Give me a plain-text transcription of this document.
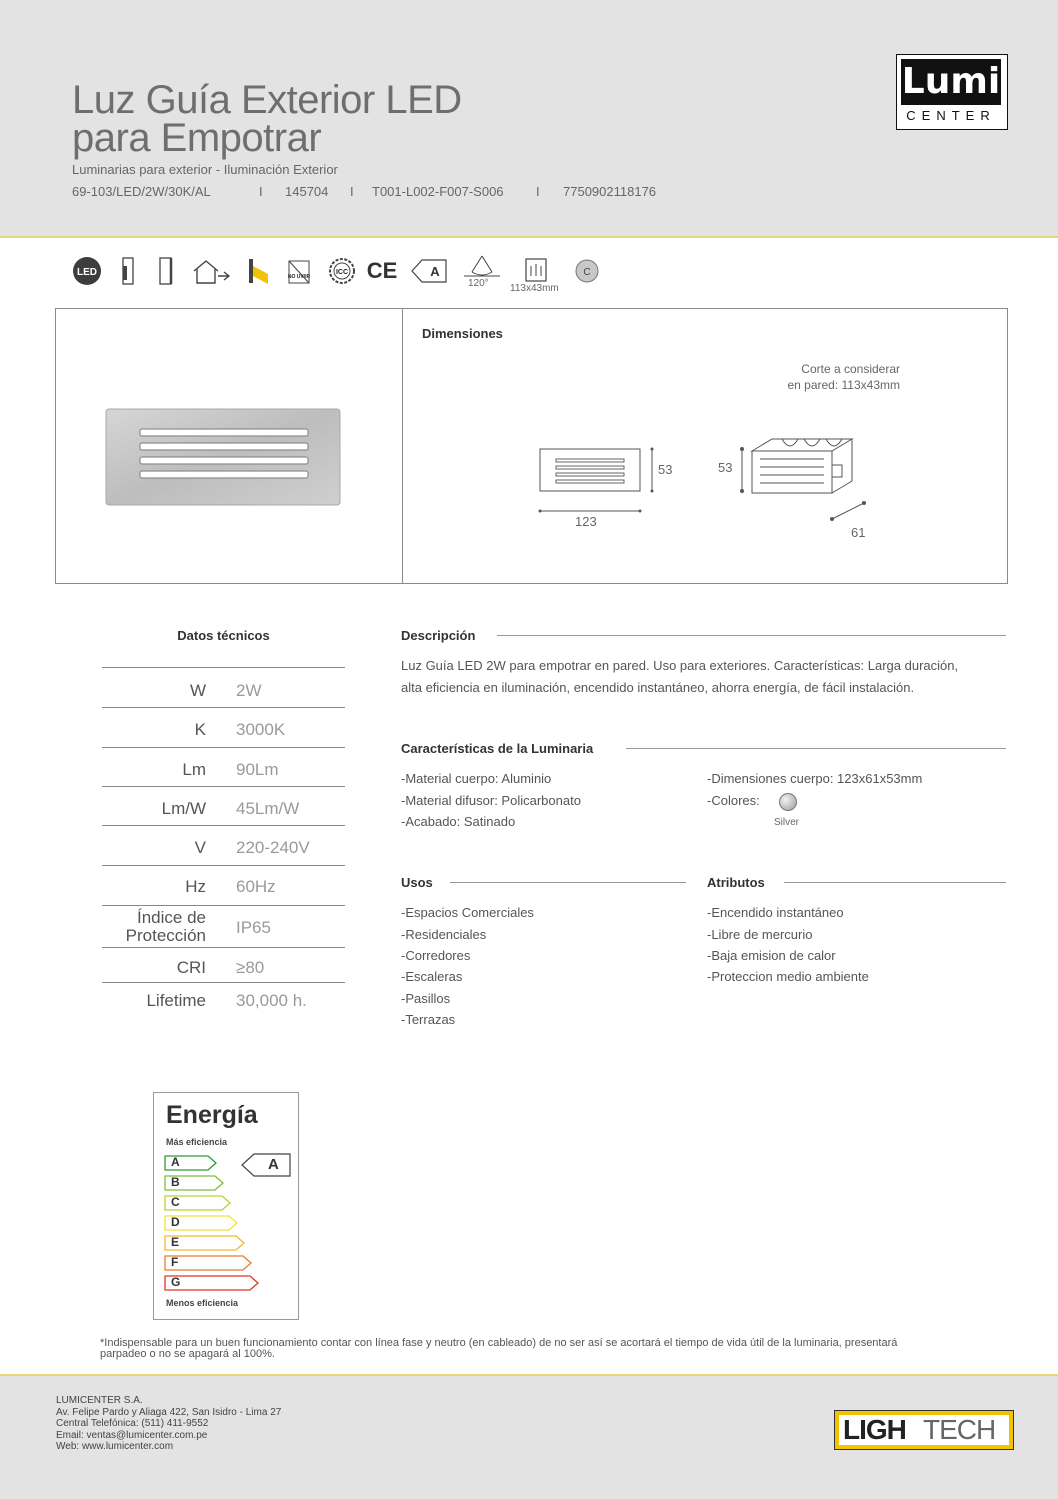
Luz Guía Exterior LED
para Empotrar
Luminarias para exterior - Iluminación Exterior
69-103/LED/2W/30K/AL	I 145704 I T001-L002-F007-S006 I 7750902118176
Lumi
CENTER
LED	NO UV/IR
ICC CE	A
120° 113x43mm
C
Dimensiones
Corte a considerar
en pared: 113x43mm
53
123
53
61
Datos técnicos
W 2W
K 3000K
Lm 90Lm
Lm/W 45Lm/W
V 220-240V
Hz 60Hz
Índice de
Protección IP65
CRI ≥80
Lifetime 30,000 h.
Descripción
Luz Guía LED 2W para empotrar en pared. Uso para exteriores. Características: Larga duración,
alta eficiencia en iluminación, encendido instantáneo, ahorra energía, de fácil instalación.
Características de la Luminaria
-Material cuerpo: Aluminio
-Material difusor: Policarbonato
-Acabado: Satinado
-Dimensiones cuerpo: 123x61x53mm
-Colores:
Silver
Usos
-Espacios Comerciales
-Residenciales
-Corredores
-Escaleras
-Pasillos
-Terrazas
Atributos
-Encendido instantáneo
-Libre de mercurio
-Baja emision de calor
-Proteccion medio ambiente
Energía
Más eficiencia
A
Menos eficiencia
A
B
C
D
E
F
G
*Indispensable para un buen funcionamiento contar con línea fase y neutro (en cableado) de no ser así se acortará el tiempo de vida útil de la luminaria, presentará
parpadeo o no se apagará al 100%.
LUMICENTER S.A.
Av. Felipe Pardo y Aliaga 422, San Isidro - Lima 27
Central Telefónica: (511) 411-9552
Email: ventas@lumicenter.com.pe
Web: www.lumicenter.com
LIGH TECH
